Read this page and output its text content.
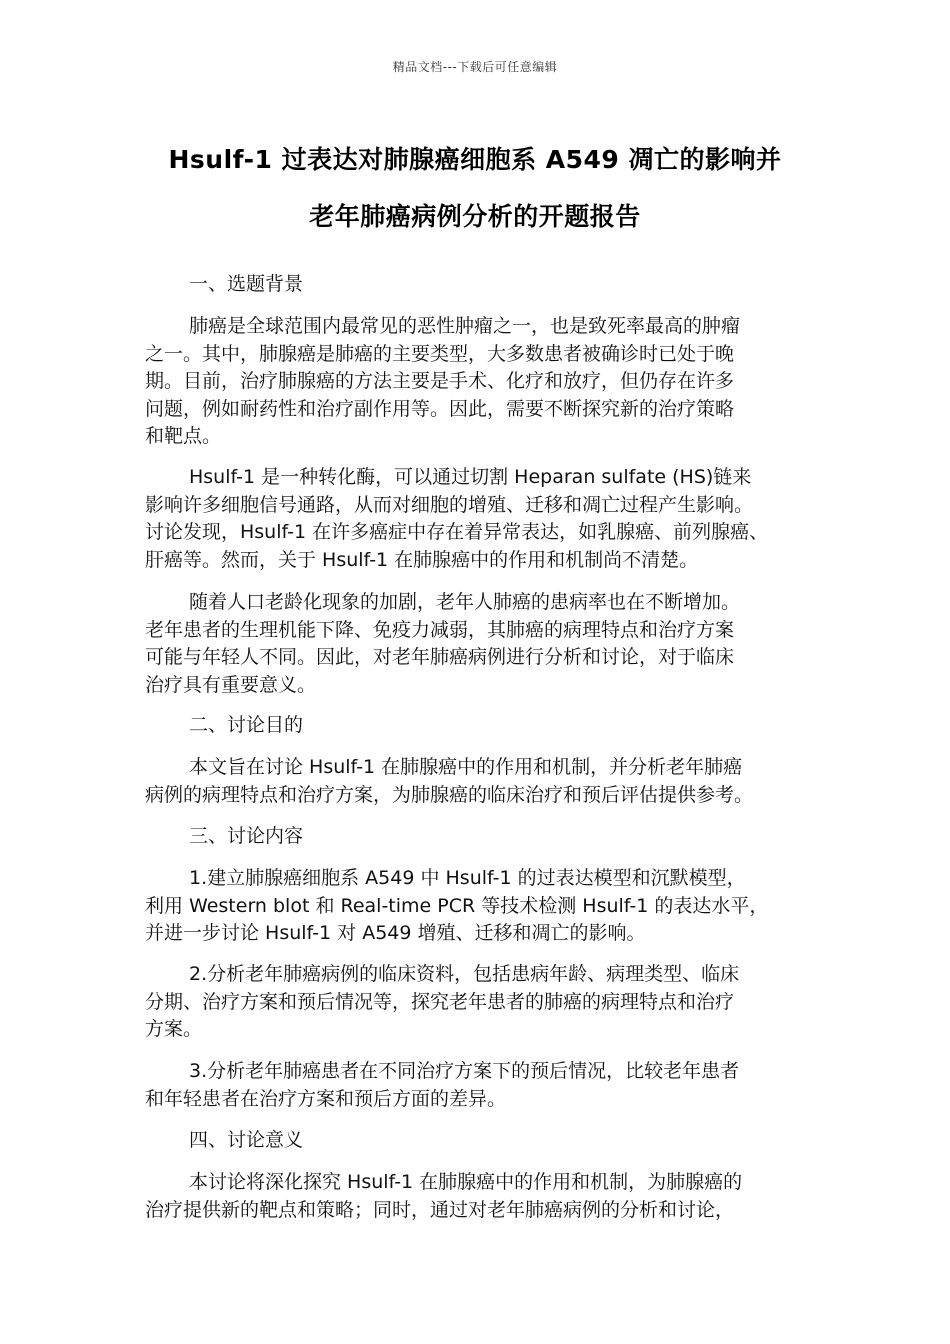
精品文档---下载后可任意编辑
Hsulf-1 过表达对肺腺癌细胞系 A549 凋亡的影响并
老年肺癌病例分析的开题报告
一、选题背景
肺癌是全球范围内最常见的恶性肿瘤之一，也是致死率最高的肿瘤
之一。其中，肺腺癌是肺癌的主要类型，大多数患者被确诊时已处于晚
期。目前，治疗肺腺癌的方法主要是手术、化疗和放疗，但仍存在许多
问题，例如耐药性和治疗副作用等。因此，需要不断探究新的治疗策略
和靶点。
Hsulf-1 是一种转化酶，可以通过切割 Heparan sulfate (HS)链来
影响许多细胞信号通路，从而对细胞的增殖、迁移和凋亡过程产生影响。
讨论发现，Hsulf-1 在许多癌症中存在着异常表达，如乳腺癌、前列腺癌、
肝癌等。然而，关于 Hsulf-1 在肺腺癌中的作用和机制尚不清楚。
随着人口老龄化现象的加剧，老年人肺癌的患病率也在不断增加。
老年患者的生理机能下降、免疫力减弱，其肺癌的病理特点和治疗方案
可能与年轻人不同。因此，对老年肺癌病例进行分析和讨论，对于临床
治疗具有重要意义。
二、讨论目的
本文旨在讨论 Hsulf-1 在肺腺癌中的作用和机制，并分析老年肺癌
病例的病理特点和治疗方案，为肺腺癌的临床治疗和预后评估提供参考。
三、讨论内容
1.建立肺腺癌细胞系 A549 中 Hsulf-1 的过表达模型和沉默模型，
利用 Western blot 和 Real-time PCR 等技术检测 Hsulf-1 的表达水平，
并进一步讨论 Hsulf-1 对 A549 增殖、迁移和凋亡的影响。
2.分析老年肺癌病例的临床资料，包括患病年龄、病理类型、临床
分期、治疗方案和预后情况等，探究老年患者的肺癌的病理特点和治疗
方案。
3.分析老年肺癌患者在不同治疗方案下的预后情况，比较老年患者
和年轻患者在治疗方案和预后方面的差异。
四、讨论意义
本讨论将深化探究 Hsulf-1 在肺腺癌中的作用和机制，为肺腺癌的
治疗提供新的靶点和策略；同时，通过对老年肺癌病例的分析和讨论，
